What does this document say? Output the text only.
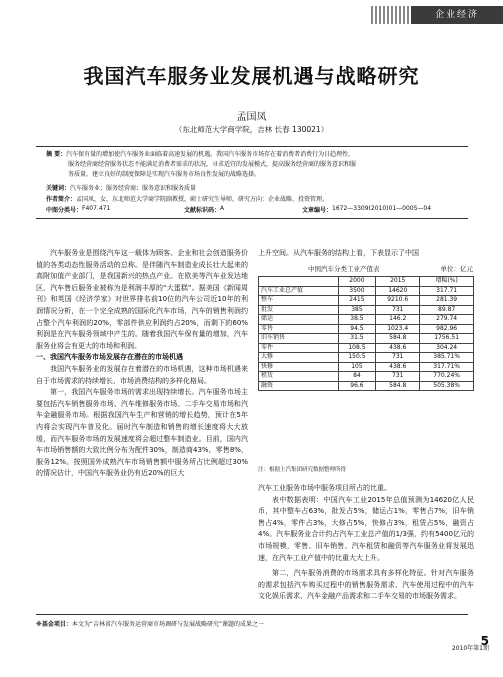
企业经济
我国汽车服务业发展机遇与战略研究
孟国凤
（东北师范大学商学院，吉林 长春 130021）
摘 要：汽车保有量的增加使汽车服务业面临着高速发展的机遇。我国汽车服务市场存在着消费者消费行为日趋理性、
服务经营商经营服务状态不能满足消费者需求的状况，寻求适宜的发展模式，提高服务经营商的服务意识和服
务质量，建立良好的制度保障是实现汽车服务市场良性发展的战略选择。
关键词： 汽车服务业；服务经营商；服务意识和服务质量
作者简介： 孟国凤，女，东北师范大学商学院副教授，硕士研究生导师，研究方向：企业战略、投资管理。
中图分类号： F407.471	文献标识码： A	文章编号： 1672—3309(2010)01—0005—04

汽车服务业是围绕汽车这一载体为顾客、企业和社会创造服务价值的各类动态性服务活动的总称。是伴随汽车制造业成长壮大起来的高附加值产业部门，是我国新兴的热点产业。在欧美等汽车业发达地区，汽车售后服务业被称为是利润丰厚的“大蛋糕”。据美国《新闻周刊》和英国《经济学家》对世界排名前10位的汽车公司近10年的利润情况分析，在一个完全成熟的国际化汽车市场，汽车的销售利润约占整个汽车利润的20%，零部件供应利润约占20%，而剩下的60%利润是在汽车服务领域中产生的。随着我国汽车保有量的增加，汽车服务业将会有更大的市场和利润。

一、我国汽车服务市场发展存在潜在的市场机遇

我国汽车服务业的发展存在着潜在的市场机遇，这种市场机遇来自于市场需求的持续增长、市场消费结构的多样化格局。

第一，我国汽车服务市场的需求出现持续增长。汽车服务市场主要包括汽车销售服务市场、汽车维修服务市场、二手车交易市场和汽车金融服务市场。根据我国汽车生产和营销的增长趋势，预计在5年内将会实现汽车普及化。届时汽车制造和销售的增长速度将大大放缓，而汽车服务市场的发展速度将会超过整车制造业。目前，国内汽车市场销售额的大致比例分布为配件30%，制造商43%，零售8%，服务12%。按照国外成熟汽车市场销售额中服务所占比例超过30%的情况估计，中国汽车服务业仍有近20%的巨大

上升空间。从汽车服务的结构上看，下表显示了中国

中国汽车分类工业产值表	单位：亿元
	2000	2015	增幅(%)
汽车工业总产值	3500	14620	317.71
整车	2415	9210.6	281.39
批发	385	731	89.87
储运	38.5	146.2	279.74
零售	94.5	1023.4	982.96
旧车销售	31.5	584.8	1756.51
零件	108.5	438.6	304.24
大修	150.5	731	385.71%
快修	105	438.6	317.71%
租赁	84	731	770.24%
融资	96.6	584.8	505.38%
注：根据上汽集团研究数据整理所得

汽车工业服务市场中服务项目所占的比重。

表中数据表明：中国汽车工业2015年总值预测为14620亿人民币，其中整车占63%，批发占5%，储运占1%，零售占7%，旧车销售占4%，零件占3%，大修占5%，快修占3%，租赁占5%，融资占4%。汽车服务业合计约占汽车工业总产值的1/3强，约有5400亿元的市场规模，零售、旧车销售、汽车租赁和融资等汽车服务业将发展迅速，在汽车工业产值中的比重大大上升。

第二，汽车服务消费的市场需求具有多样化特征。针对汽车服务的需求包括汽车购买过程中的销售服务需求、汽车使用过程中的汽车文化娱乐需求、汽车金融产品需求和二手车交易的市场服务需求。

※基金项目：本文为“吉林省汽车服务运营商市场调研与发展战略研究”课题的成果之一
5
2010年第1期
